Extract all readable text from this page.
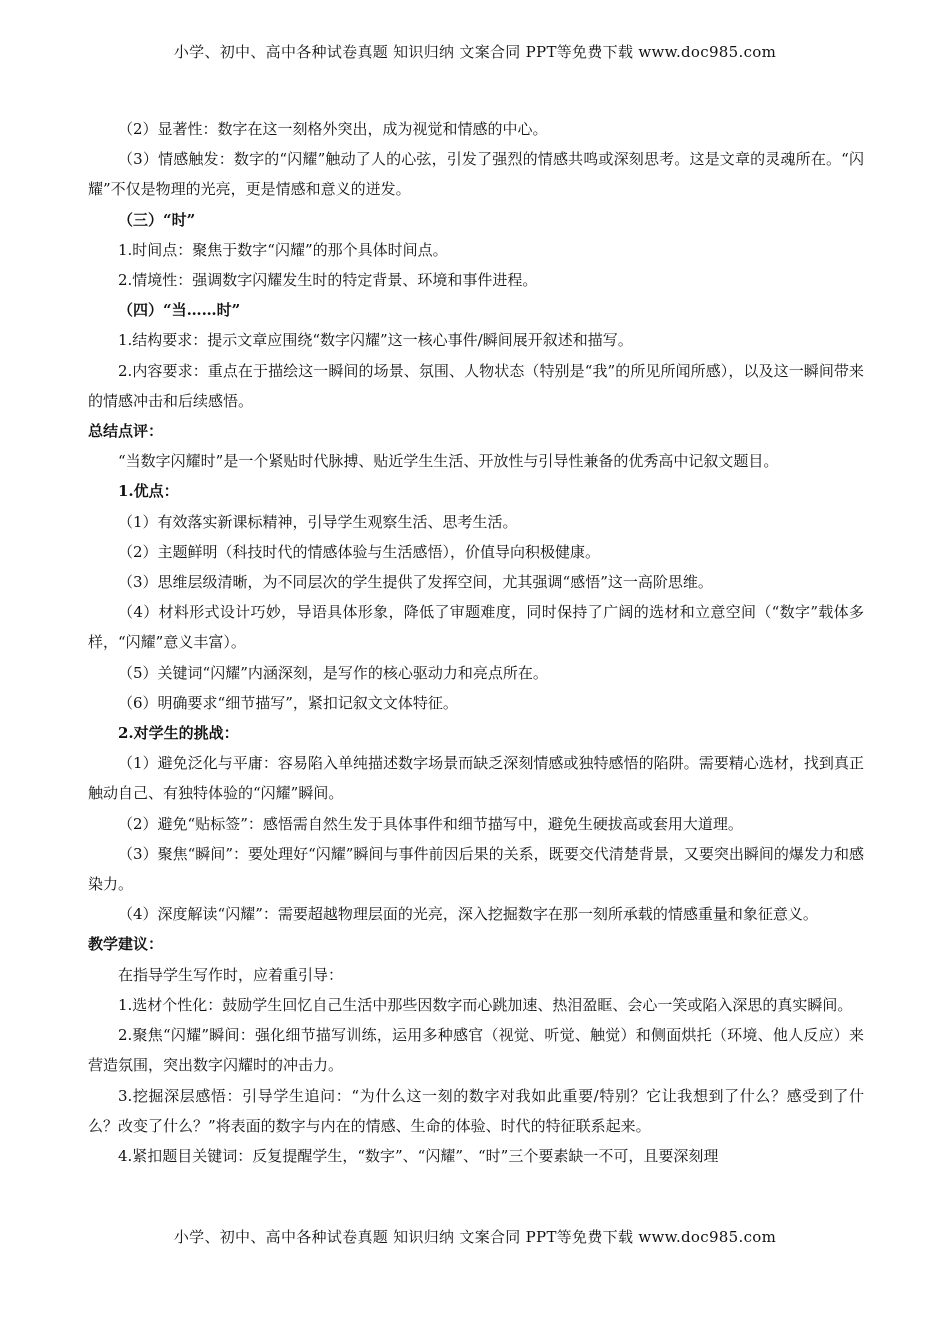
小学、初中、高中各种试卷真题 知识归纳 文案合同 PPT等免费下载 www.doc985.com

（2）显著性：数字在这一刻格外突出，成为视觉和情感的中心。

（3）情感触发：数字的“闪耀”触动了人的心弦，引发了强烈的情感共鸣或深刻思考。这是文章的灵魂所在。“闪耀”不仅是物理的光亮，更是情感和意义的迸发。

（三）“时”

1.时间点：聚焦于数字“闪耀”的那个具体时间点。

2.情境性：强调数字闪耀发生时的特定背景、环境和事件进程。

（四）“当……时”

1.结构要求：提示文章应围绕“数字闪耀”这一核心事件/瞬间展开叙述和描写。

2.内容要求：重点在于描绘这一瞬间的场景、氛围、人物状态（特别是“我”的所见所闻所感），以及这一瞬间带来的情感冲击和后续感悟。

总结点评：

“当数字闪耀时”是一个紧贴时代脉搏、贴近学生生活、开放性与引导性兼备的优秀高中记叙文题目。

1.优点：

（1）有效落实新课标精神，引导学生观察生活、思考生活。

（2）主题鲜明（科技时代的情感体验与生活感悟），价值导向积极健康。

（3）思维层级清晰，为不同层次的学生提供了发挥空间，尤其强调“感悟”这一高阶思维。

（4）材料形式设计巧妙，导语具体形象，降低了审题难度，同时保持了广阔的选材和立意空间（“数字”载体多样，“闪耀”意义丰富）。

（5）关键词“闪耀”内涵深刻，是写作的核心驱动力和亮点所在。

（6）明确要求“细节描写”，紧扣记叙文文体特征。

2.对学生的挑战：

（1）避免泛化与平庸：容易陷入单纯描述数字场景而缺乏深刻情感或独特感悟的陷阱。需要精心选材，找到真正触动自己、有独特体验的“闪耀”瞬间。

（2）避免“贴标签”：感悟需自然生发于具体事件和细节描写中，避免生硬拔高或套用大道理。

（3）聚焦“瞬间”：要处理好“闪耀”瞬间与事件前因后果的关系，既要交代清楚背景，又要突出瞬间的爆发力和感染力。

（4）深度解读“闪耀”：需要超越物理层面的光亮，深入挖掘数字在那一刻所承载的情感重量和象征意义。

教学建议：

在指导学生写作时，应着重引导：

1.选材个性化：鼓励学生回忆自己生活中那些因数字而心跳加速、热泪盈眶、会心一笑或陷入深思的真实瞬间。

2.聚焦“闪耀”瞬间：强化细节描写训练，运用多种感官（视觉、听觉、触觉）和侧面烘托（环境、他人反应）来营造氛围，突出数字闪耀时的冲击力。

3.挖掘深层感悟：引导学生追问：“为什么这一刻的数字对我如此重要/特别？它让我想到了什么？感受到了什么？改变了什么？”将表面的数字与内在的情感、生命的体验、时代的特征联系起来。

4.紧扣题目关键词：反复提醒学生，“数字”、“闪耀”、“时”三个要素缺一不可，且要深刻理

小学、初中、高中各种试卷真题 知识归纳 文案合同 PPT等免费下载 www.doc985.com
